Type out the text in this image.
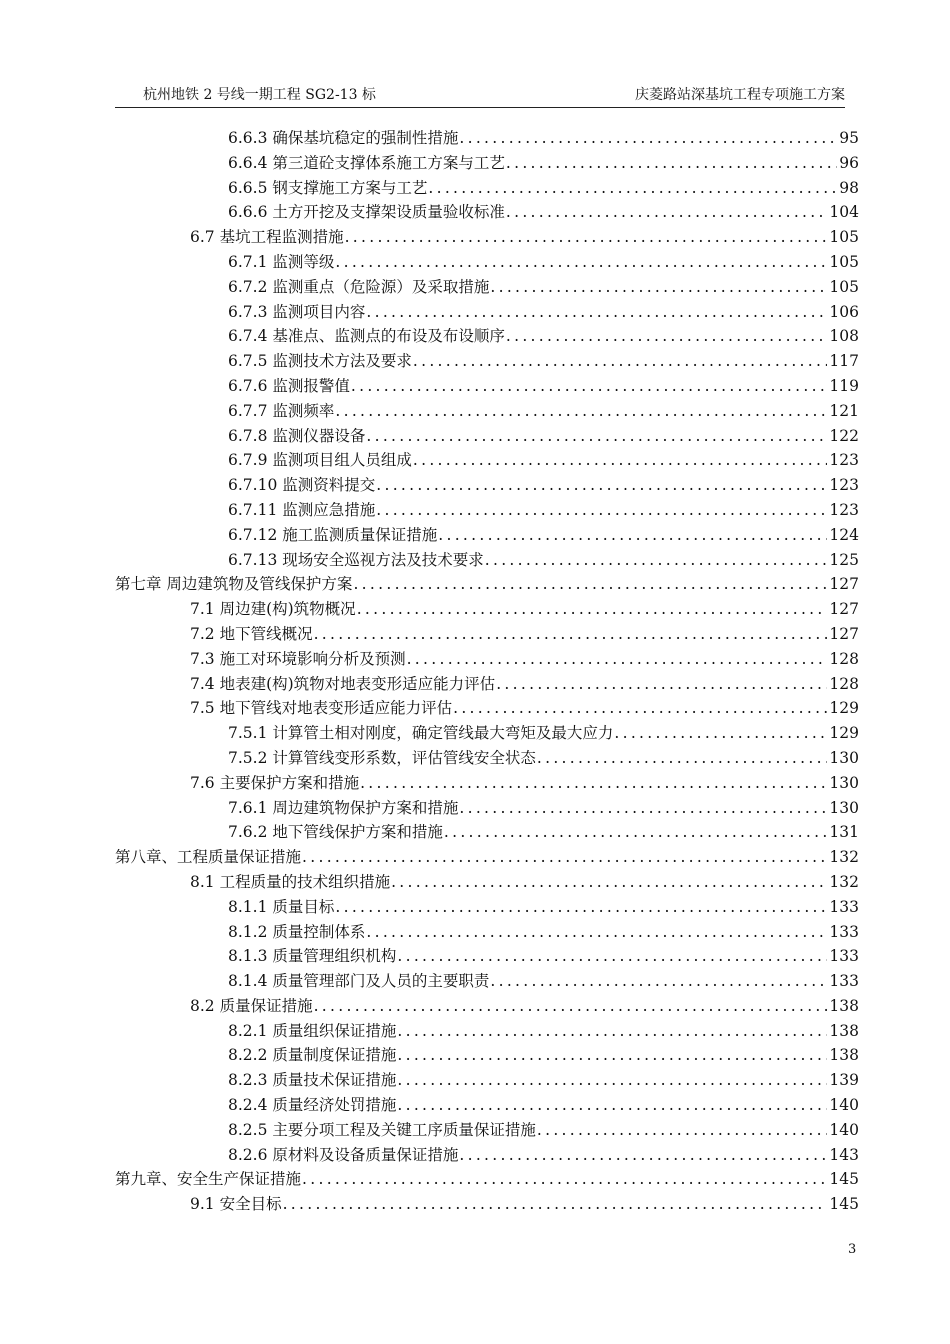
杭州地铁 2 号线一期工程 SG2-13 标	庆菱路站深基坑工程专项施工方案
6.6.3 确保基坑稳定的强制性措施 .....	95
6.6.4 第三道砼支撑体系施工方案与工艺 .....	96
6.6.5 钢支撑施工方案与工艺 .....	98
6.6.6 土方开挖及支撑架设质量验收标准 .....	104
6.7 基坑工程监测措施 .....	105
6.7.1 监测等级 .....	105
6.7.2 监测重点（危险源）及采取措施 .....	105
6.7.3 监测项目内容 .....	106
6.7.4 基准点、监测点的布设及布设顺序 .....	108
6.7.5 监测技术方法及要求 .....	117
6.7.6 监测报警值 .....	119
6.7.7 监测频率 .....	121
6.7.8 监测仪器设备 .....	122
6.7.9 监测项目组人员组成 .....	123
6.7.10 监测资料提交 .....	123
6.7.11 监测应急措施 .....	123
6.7.12 施工监测质量保证措施 .....	124
6.7.13 现场安全巡视方法及技术要求 .....	125
第七章 周边建筑物及管线保护方案 .....	127
7.1 周边建(构)筑物概况 .....	127
7.2 地下管线概况 .....	127
7.3 施工对环境影响分析及预测 .....	128
7.4 地表建(构)筑物对地表变形适应能力评估 .....	128
7.5 地下管线对地表变形适应能力评估 .....	129
7.5.1 计算管土相对刚度，确定管线最大弯矩及最大应力 .....	129
7.5.2 计算管线变形系数，评估管线安全状态 .....	130
7.6 主要保护方案和措施 .....	130
7.6.1 周边建筑物保护方案和措施 .....	130
7.6.2 地下管线保护方案和措施 .....	131
第八章、工程质量保证措施 .....	132
8.1 工程质量的技术组织措施 .....	132
8.1.1 质量目标 .....	133
8.1.2 质量控制体系 .....	133
8.1.3 质量管理组织机构 .....	133
8.1.4 质量管理部门及人员的主要职责 .....	133
8.2 质量保证措施 .....	138
8.2.1 质量组织保证措施 .....	138
8.2.2 质量制度保证措施 .....	138
8.2.3 质量技术保证措施 .....	139
8.2.4 质量经济处罚措施 .....	140
8.2.5 主要分项工程及关键工序质量保证措施 .....	140
8.2.6 原材料及设备质量保证措施 .....	143
第九章、安全生产保证措施 .....	145
9.1 安全目标 .....	145
3
